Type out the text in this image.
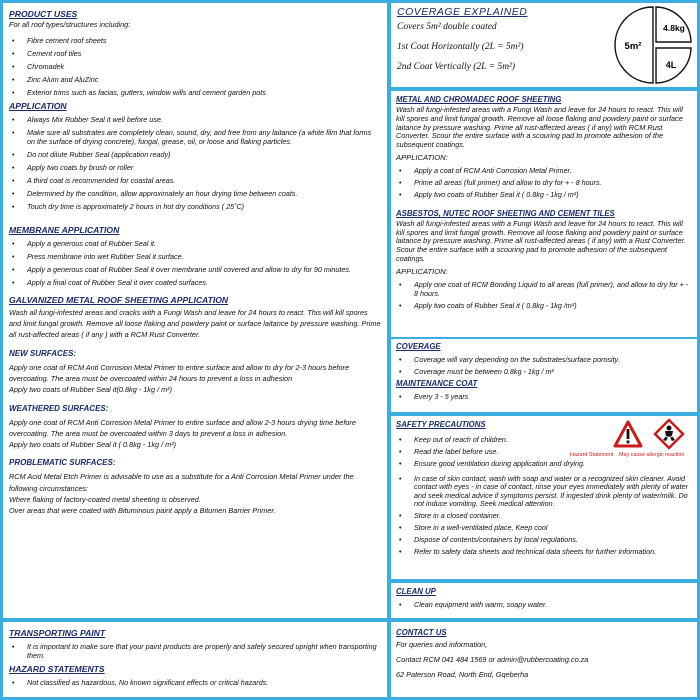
PRODUCT USES
For all roof types/structures including:
• Fibre cement roof sheets
• Cement roof tiles
• Chromadek
• Zinc Alum and AluZinc
• Exterior trims such as facias, gutters, window wills and cement garden pots
APPLICATION
• Always Mix Rubber Seal it well before use.
• Make sure all substrates are completely clean, sound, dry, and free from any laitance (a white film that forms on the surface of drying concrete), fungal, grease, oil, or loose and flaking particles.
• Do not dilute Rubber Seal (application ready)
• Apply two coats by brush or roller
• A third coat is recommended for coastal areas.
• Determined by the condition, allow approximately an hour drying time between coats.
• Touch dry time is approximately 2 hours in hot dry conditions ( 25˚C)
MEMBRANE APPLICATION
• Apply a generous coat of Rubber Seal it.
• Press membrane into wet Rubber Seal it surface.
• Apply a generous coat of Rubber Seal it over membrane until covered and allow to dry for 90 minutes.
• Apply a final coat of Rubber Seal it over coated surfaces.
GALVANIZED METAL ROOF SHEETING APPLICATION

Wash all fungi-infested areas and cracks with a Fungi Wash and leave for 24 hours to react. This will kill spores and limit fungal growth. Remove all loose flaking and powdery paint or surface laitance by pressure washing. Prime all rust-affected areas ( if any ) with a RCM Rust Converter.

NEW SURFACES:

Apply one coat of RCM Anti Corrosion Metal Primer to entire surface and allow to dry for 2-3 hours before overcoating. The area must be overcoated within 24 hours to prevent a loss in adhesion

Apply two coats of Rubber Seal it(0.8kg - 1kg / m²)

WEATHERED SURFACES:

Apply one coat of RCM Anti Corrosion Metal Primer to entire surface and allow 2-3 hours drying time before overcoating. The area must be overcoated within 3 days to prevent a loss in adhesion.

Apply two coats of Rubber Seal it ( 0.8kg - 1kg / m²)

PROBLEMATIC SURFACES:

RCM Acid Metal Etch Primer is advisable to use as a substitute for a Anti Corrosion Metal Primer under the following circumstances:

Where flaking of factory-coated metal sheeting is observed.

Over areas that were coated with Bituminous paint apply a Bitumen Barrier Primer.

TRANSPORTING PAINT
• It is important to make sure that your paint products are properly and safely secured upright when transporting them.
HAZARD STATEMENTS
• Not classified as hazardous, No known significant effects or critical hazards.
COVERAGE EXPLAINED
Covers 5m² double coated
1st Coat Horizontally (2L = 5m²)
2nd Coat Vertically (2L = 5m²)
5m²
4.8kg
4L
METAL AND CHROMADEC ROOF SHEETING

Wash all fungi-infested areas with a Fungi Wash and leave for 24 hours to react. This will kill spores and limit fungal growth. Remove all loose flaking and powdery paint or surface laitance by pressure washing. Prime all rust-affected areas ( if any) with RCM Rust Converter. Scour the entire surface with a scouring pad to promote adhesion of the subsequent coatings.

APPLICATION:
• Apply a coat of RCM Anti Corrosion Metal Primer.
• Prime all areas (full primer) and allow to dry for + - 8 hours.
• Apply two coats of Rubber Seal it ( 0.8kg - 1kg / m²)
ASBESTOS, NUTEC ROOF SHEETING AND CEMENT TILES

Wash all fungi-infested areas with a Fungi Wash and leave for 24 hours to react. This will kill spores and limit fungal growth. Remove all loose flaking and powdery paint or surface laitance by pressure washing. Prime all rust-affected areas ( if any) with a Rust Converter. Scour the entire surface with a scouring pad to promote adhesion of the subsequent coatings.

APPLICATION:
• Apply one coat of RCM Bonding Liquid to all areas (full primer), and allow to dry for + - 8 hours.
• Apply two coats of Rubber Seal it ( 0.8kg - 1kg /m²)
COVERAGE
• Coverage will vary depending on the substrates/surface porosity.
• Coverage must be between 0.8kg - 1kg / m²
MAINTENANCE COAT
• Every 3 - 5 years
SAFETY PRECAUTIONS
Hazard Statement May cause allergic reaction
• Keep out of reach of children.
• Read the label before use.
• Ensure good ventilation during application and drying.
• In case of skin contact, wash with soap and water or a recognized skin cleaner. Avoid contact with eyes - in case of contact, rinse your eyes immediately with plenty of water and seek medical advice if symptoms persist. If ingested drink plenty of water/milk. Do not induce vomiting. Seek medical attention.
• Store in a closed container.
• Store in a well-ventilated place, Keep cool
• Dispose of contents/containers by local regulations.
• Refer to safety data sheets and technical data sheets for further information.
CLEAN UP
• Clean equipment with warm, soapy water.
CONTACT US

For queries and information,

Contact RCM 041 484 1569 or admin@rubbercoating.co.za

62 Paterson Road, North End, Gqeberha
